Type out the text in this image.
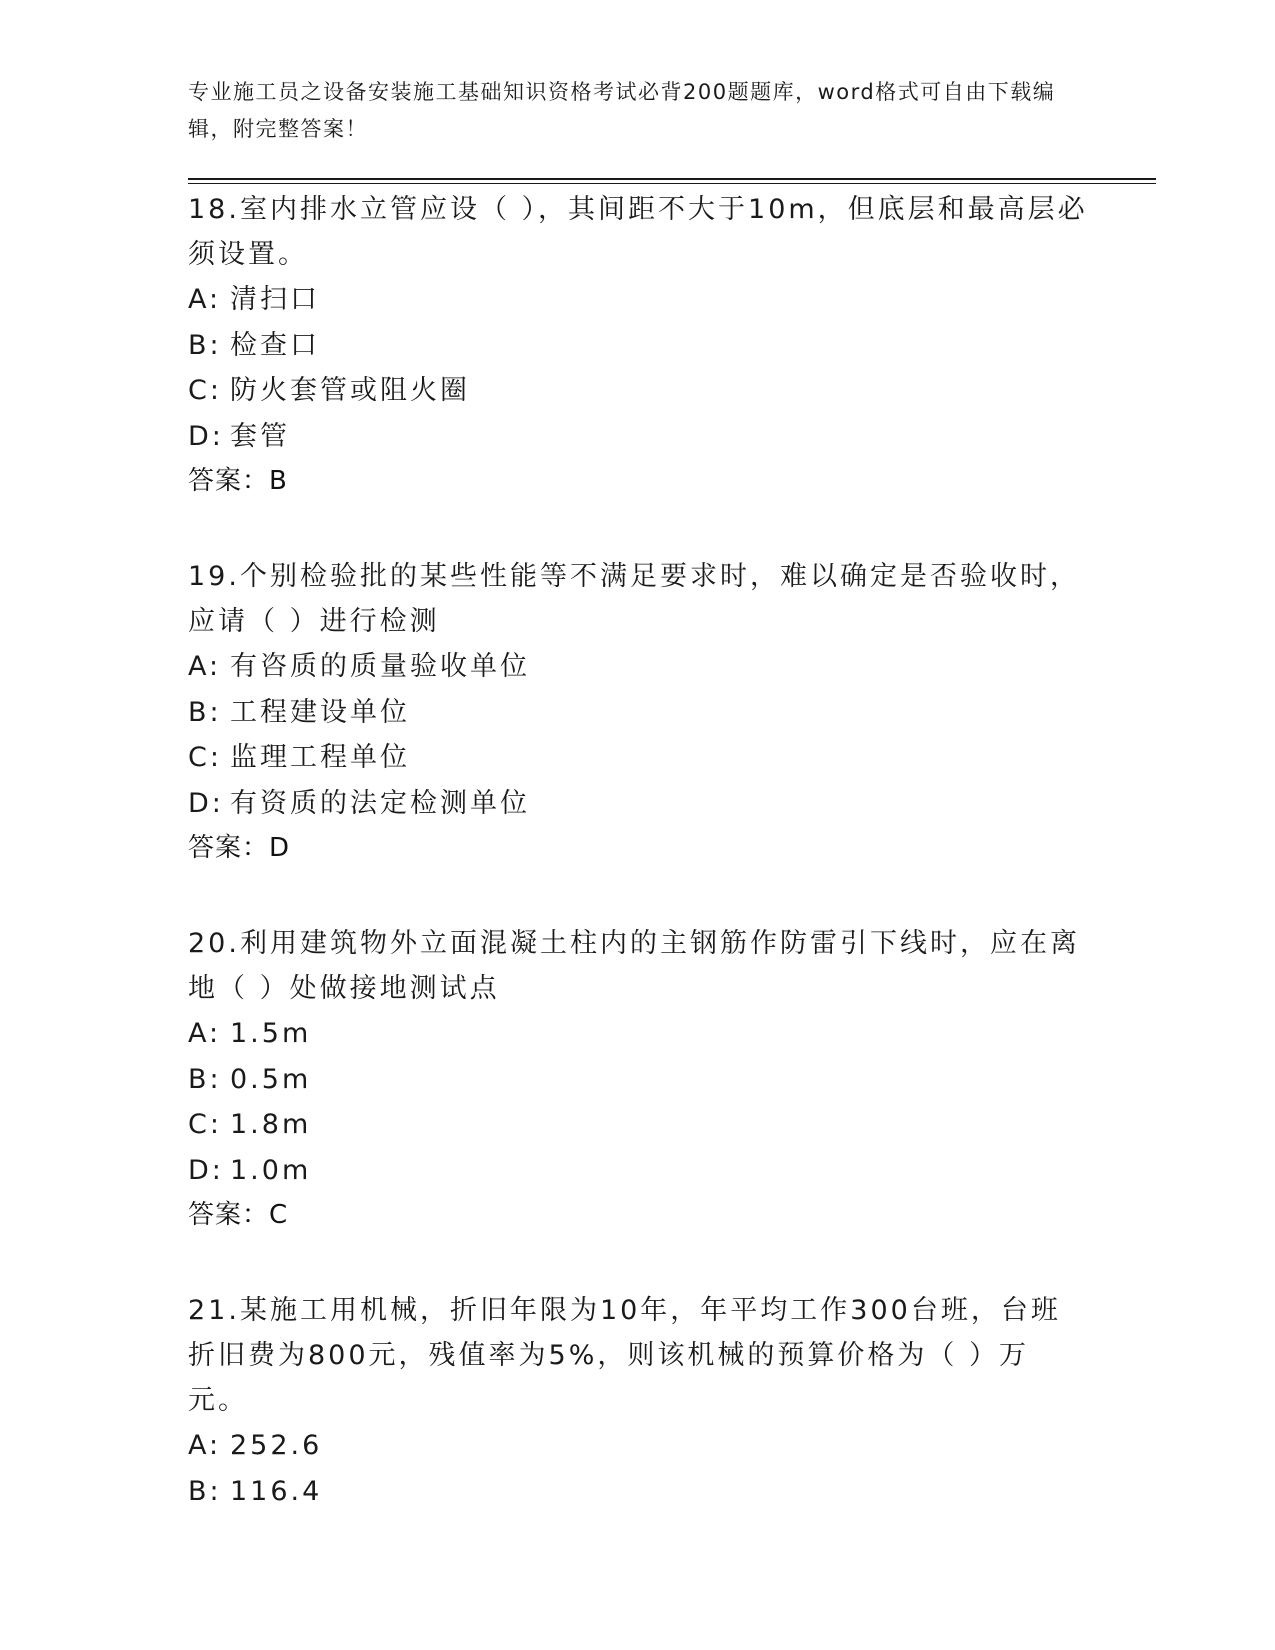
专业施工员之设备安装施工基础知识资格考试必背200题题库，word格式可自由下载编辑，附完整答案！

18.室内排水立管应设（ ），其间距不大于10m，但底层和最高层必须设置。

A: 清扫口

B: 检查口

C: 防火套管或阻火圈

D: 套管

答案：B

19.个别检验批的某些性能等不满足要求时，难以确定是否验收时，应请（ ）进行检测

A: 有咨质的质量验收单位

B: 工程建设单位

C: 监理工程单位

D: 有资质的法定检测单位

答案：D

20.利用建筑物外立面混凝土柱内的主钢筋作防雷引下线时，应在离地（ ）处做接地测试点

A: 1.5m

B: 0.5m

C: 1.8m

D: 1.0m

答案：C

21.某施工用机械，折旧年限为10年，年平均工作300台班，台班折旧费为800元，残值率为5%，则该机械的预算价格为（ ）万元。

A: 252.6

B: 116.4
